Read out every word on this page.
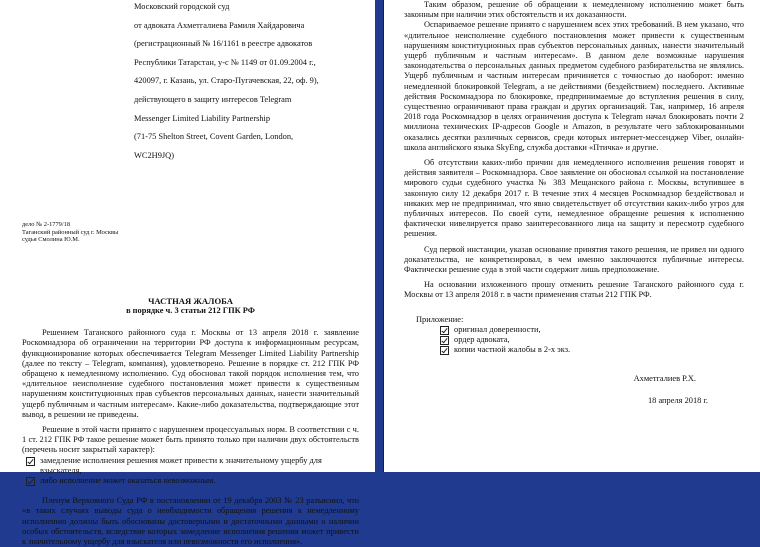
Московский городской суд

от адвоката Ахметгалиева Рамиля Хайдаровича

(регистрационный № 16/1161 в реестре адвокатов

Республики Татарстан, у-с № 1149 от 01.09.2004 г.,

420097, г. Казань, ул. Старо-Пугачевская, 22, оф. 9),

действующего в защиту интересов Telegram

Messenger Limited Liability Partnership

(71-75 Shelton Street, Covent Garden, London,

WC2H9JQ)

дело № 2-1779/18
Таганский районный суд г. Москвы
судья Смолина Ю.М.
ЧАСТНАЯ ЖАЛОБА
в порядке ч. 3 статьи 212 ГПК РФ

Решением Таганского районного суда г. Москвы от 13 апреля 2018 г. заявление Роскомнадзора об ограничении на территории РФ доступа к информационным ресурсам, функционирование которых обеспечивается Telegram Messenger Limited Liability Partnership (далее по тексту – Telegram, компания), удовлетворено. Решение в порядке ст. 212 ГПК РФ обращено к немедленному исполнению. Суд обосновал такой порядок исполнения тем, что «длительное неисполнение судебного постановления может привести к существенным нарушениям конституционных прав субъектов персональных данных, нанести значительный ущерб публичным и частным интересам». Какие-либо доказательства, подтверждающие этот вывод, в решении не приведены.

Решение в этой части принято с нарушением процессуальных норм. В соответствии с ч. 1 ст. 212 ГПК РФ такое решение может быть принято только при наличии двух обстоятельств (перечень носит закрытый характер):

замедление исполнения решения может привести к значительному ущербу для взыскателя,
либо исполнение может оказаться невозможным.

Пленум Верховного Суда РФ в постановлении от 19 декабря 2003 № 23 разъяснил, что «в таких случаях выводы суда о необходимости обращения решения к немедленному исполнению должны быть обоснованы достоверными и достаточными данными о наличии особых обстоятельств, вследствие которых замедление исполнения решения может привести к значительному ущербу для взыскателя или невозможности его исполнения».

Таким образом, решение об обращении к немедленному исполнению может быть законным при наличии этих обстоятельств и их доказанности.

Оспариваемое решение принято с нарушением всех этих требований. В нем указано, что «длительное неисполнение судебного постановления может привести к существенным нарушениям конституционных прав субъектов персональных данных, нанести значительный ущерб публичным и частным интересам». В данном деле возможные нарушения законодательства о персональных данных предметом судебного разбирательства не являлись. Ущерб публичным и частным интересам причиняется с точностью до наоборот: именно немедленной блокировкой Telegram, а не действиями (бездействием) последнего. Активные действия Роскомнадзора по блокировке, предпринимаемые до вступления решения в силу, существенно ограничивают права граждан и других организаций. Так, например, 16 апреля 2018 года Роскомнадзор в целях ограничения доступа к Telegram начал блокировать почти 2 миллиона технических IP-адресов Google и Amazon, в результате чего заблокированными оказались десятки различных сервисов, среди которых интернет-мессенджер Viber, онлайн-школа английского языка SkyEng, служба доставки «Птичка» и другие.

Об отсутствии каких-либо причин для немедленного исполнения решения говорят и действия заявителя – Роскомнадзора. Свое заявление он обосновал ссылкой на постановление мирового судьи судебного участка № 383 Мещанского района г. Москвы, вступившее в законную силу 12 декабря 2017 г. В течение этих 4 месяцев Роскомнадзор бездействовал и никаких мер не предпринимал, что явно свидетельствует об отсутствии каких-либо угроз для публичных интересов. По своей сути, немедленное обращение решения к исполнению фактически нивелируется право заинтересованного лица на защиту и пересмотр судебного решения.

Суд первой инстанции, указав основание принятия такого решения, не привел ни одного доказательства, не конкретизировал, в чем именно заключаются публичные интересы. Фактически решение суда в этой части содержит лишь предположение.

На основании изложенного прошу отменить решение Таганского районного суда г. Москвы от 13 апреля 2018 г. в части применения статьи 212 ГПК РФ.

Приложение:
оригинал доверенности,
ордер адвоката,
копии частной жалобы в 2-х экз.
Ахметгалиев Р.Х.
18 апреля 2018 г.
